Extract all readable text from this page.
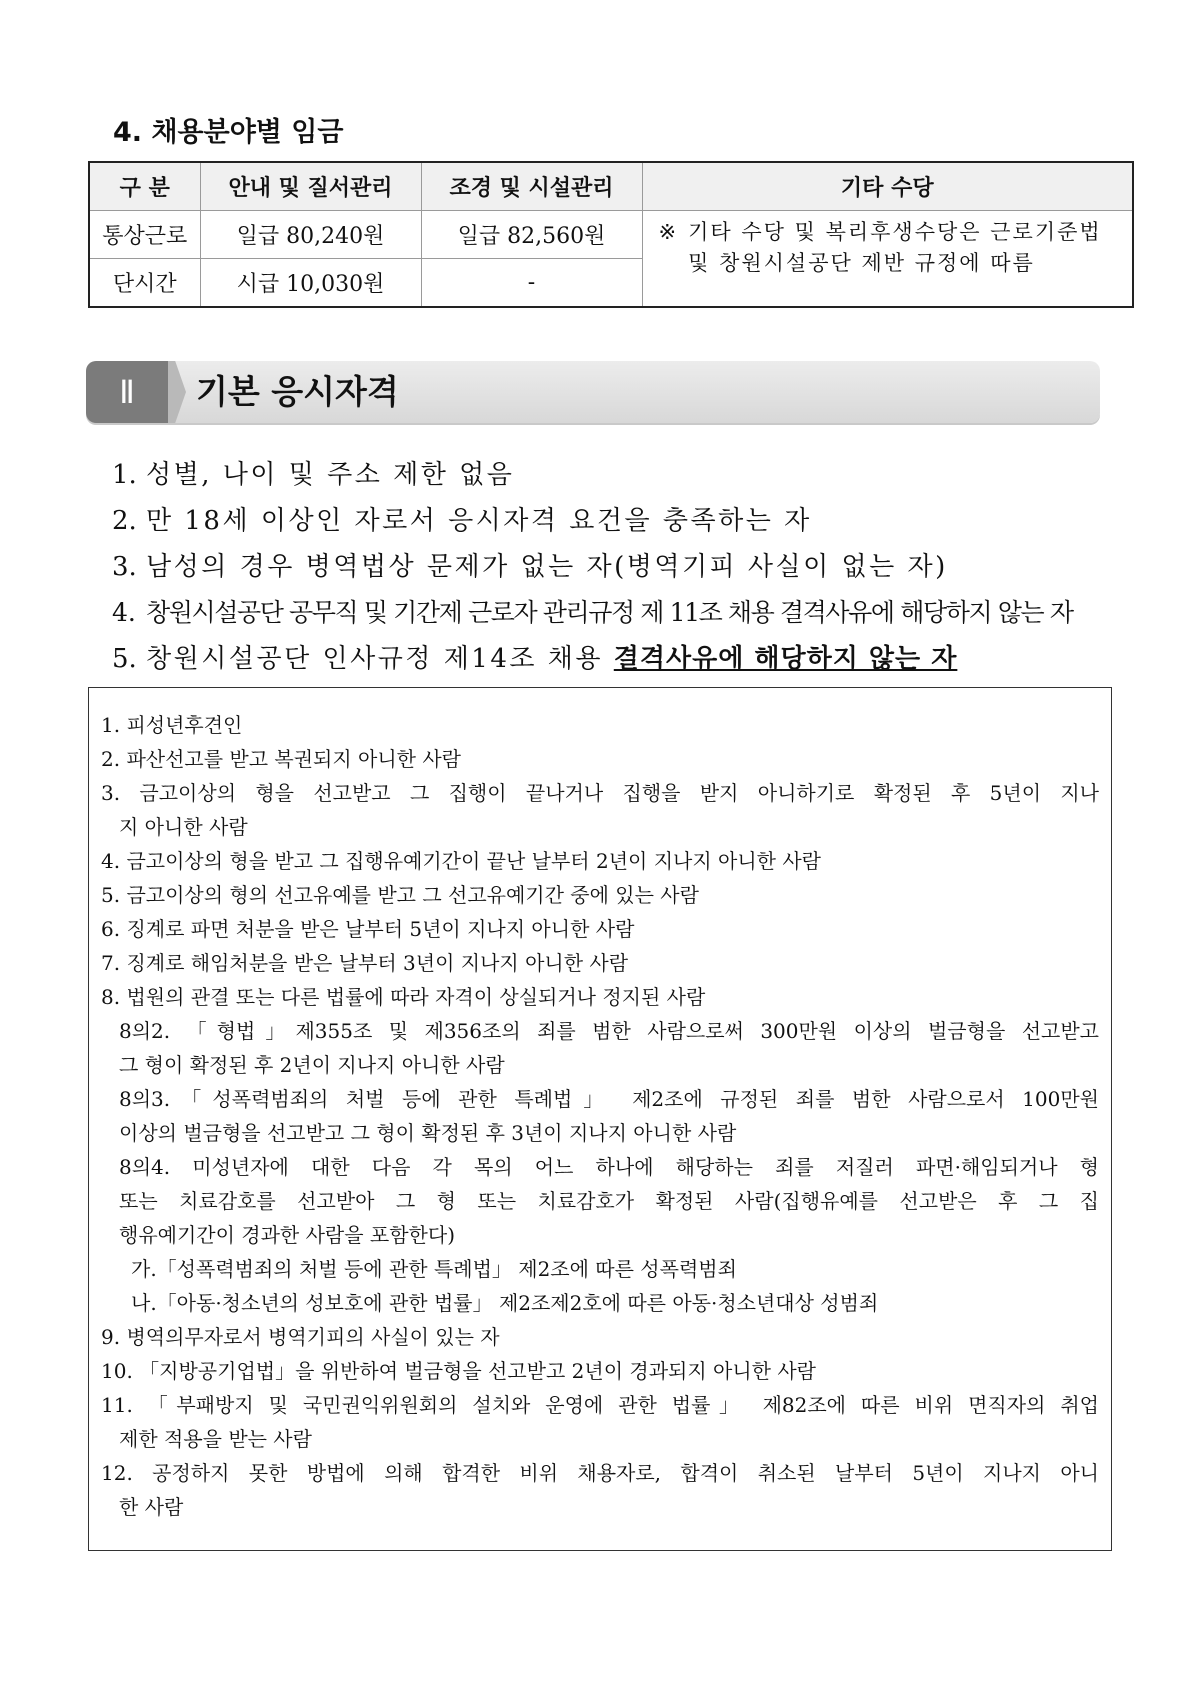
4. 채용분야별 임금
구 분	안내 및 질서관리	조경 및 시설관리	기타 수당
통상근로	일급 80,240원	일급 82,560원	※ 기타 수당 및 복리후생수당은 근로기준법 및 창원시설공단 제반 규정에 따름

단시간	시급 10,030원	-	
Ⅱ 기본 응시자격
1. 성별, 나이 및 주소 제한 없음
2. 만 18세 이상인 자로서 응시자격 요건을 충족하는 자
3. 남성의 경우 병역법상 문제가 없는 자(병역기피 사실이 없는 자)
4. 창원시설공단 공무직 및 기간제 근로자 관리규정 제 11조 채용 결격사유에 해당하지 않는 자
5. 창원시설공단 인사규정 제14조 채용 결격사유에 해당하지 않는 자
1. 피성년후견인
2. 파산선고를 받고 복권되지 아니한 사람
3. 금고이상의 형을 선고받고 그 집행이 끝나거나 집행을 받지 아니하기로 확정된 후 5년이 지나
지 아니한 사람
4. 금고이상의 형을 받고 그 집행유예기간이 끝난 날부터 2년이 지나지 아니한 사람
5. 금고이상의 형의 선고유예를 받고 그 선고유예기간 중에 있는 사람
6. 징계로 파면 처분을 받은 날부터 5년이 지나지 아니한 사람
7. 징계로 해임처분을 받은 날부터 3년이 지나지 아니한 사람
8. 법원의 관결 또는 다른 법률에 따라 자격이 상실되거나 정지된 사람
8의2. 「형법」제355조 및 제356조의 죄를 범한 사람으로써 300만원 이상의 벌금형을 선고받고
그 형이 확정된 후 2년이 지나지 아니한 사람
8의3.「성폭력범죄의 처벌 등에 관한 특례법」 제2조에 규정된 죄를 범한 사람으로서 100만원
이상의 벌금형을 선고받고 그 형이 확정된 후 3년이 지나지 아니한 사람
8의4. 미성년자에 대한 다음 각 목의 어느 하나에 해당하는 죄를 저질러 파면·해임되거나 형
또는 치료감호를 선고받아 그 형 또는 치료감호가 확정된 사람(집행유예를 선고받은 후 그 집
행유예기간이 경과한 사람을 포함한다)
가.「성폭력범죄의 처벌 등에 관한 특례법」 제2조에 따른 성폭력범죄
나.「아동·청소년의 성보호에 관한 법률」 제2조제2호에 따른 아동·청소년대상 성범죄
9. 병역의무자로서 병역기피의 사실이 있는 자
10. 「지방공기업법」을 위반하여 벌금형을 선고받고 2년이 경과되지 아니한 사람
11. 「부패방지 및 국민권익위원회의 설치와 운영에 관한 법률」 제82조에 따른 비위 면직자의 취업
제한 적용을 받는 사람
12. 공정하지 못한 방법에 의해 합격한 비위 채용자로, 합격이 취소된 날부터 5년이 지나지 아니
한 사람
